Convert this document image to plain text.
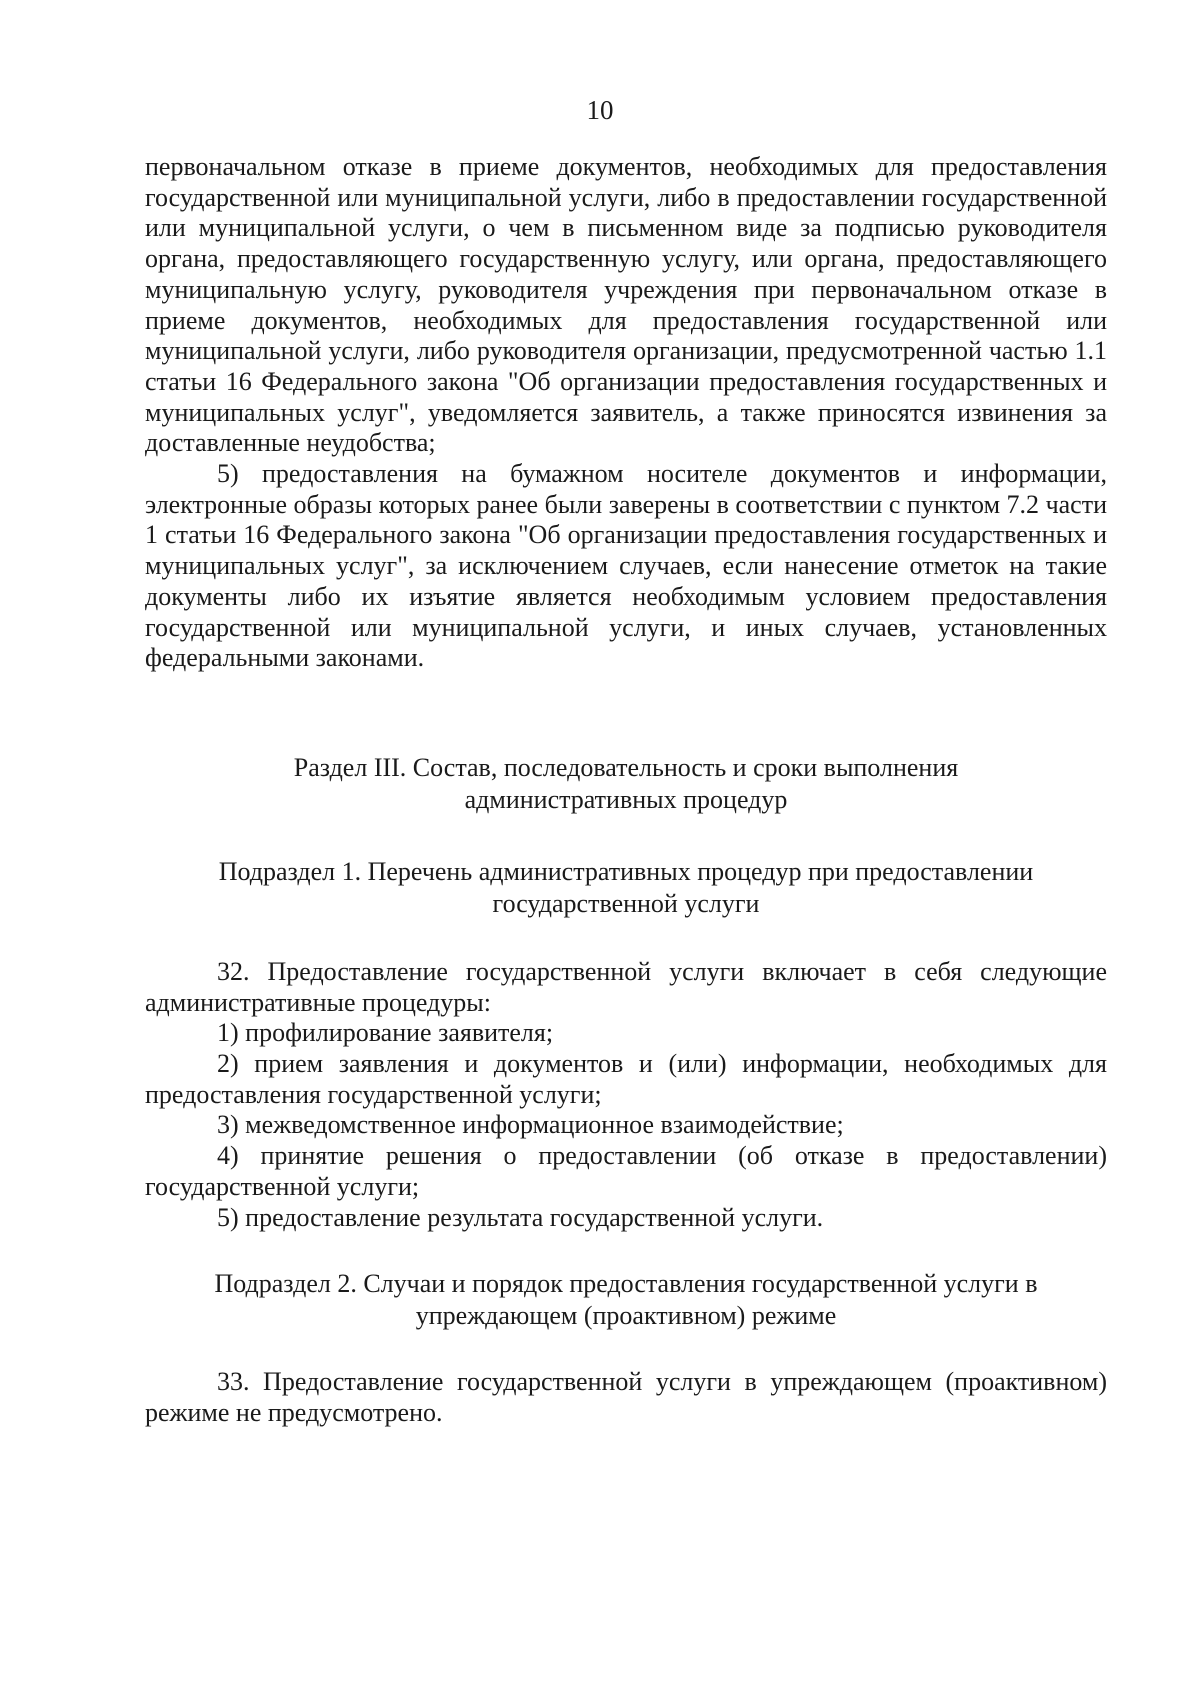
10

первоначальном отказе в приеме документов, необходимых для предоставления государственной или муниципальной услуги, либо в предоставлении государственной или муниципальной услуги, о чем в письменном виде за подписью руководителя органа, предоставляющего государственную услугу, или органа, предоставляющего муниципальную услугу, руководителя учреждения при первоначальном отказе в приеме документов, необходимых для предоставления государственной или муниципальной услуги, либо руководителя организации, предусмотренной частью 1.1 статьи 16 Федерального закона "Об организации предоставления государственных и муниципальных услуг", уведомляется заявитель, а также приносятся извинения за доставленные неудобства;

5) предоставления на бумажном носителе документов и информации, электронные образы которых ранее были заверены в соответствии с пунктом 7.2 части 1 статьи 16 Федерального закона "Об организации предоставления государственных и муниципальных услуг", за исключением случаев, если нанесение отметок на такие документы либо их изъятие является необходимым условием предоставления государственной или муниципальной услуги, и иных случаев, установленных федеральными законами.

Раздел III. Состав, последовательность и сроки выполнения
административных процедур
Подраздел 1. Перечень административных процедур при предоставлении
государственной услуги

32. Предоставление государственной услуги включает в себя следующие административные процедуры:

1) профилирование заявителя;

2) прием заявления и документов и (или) информации, необходимых для предоставления государственной услуги;

3) межведомственное информационное взаимодействие;

4) принятие решения о предоставлении (об отказе в предоставлении) государственной услуги;

5) предоставление результата государственной услуги.

Подраздел 2. Случаи и порядок предоставления государственной услуги в
упреждающем (проактивном) режиме

33. Предоставление государственной услуги в упреждающем (проактивном) режиме не предусмотрено.
